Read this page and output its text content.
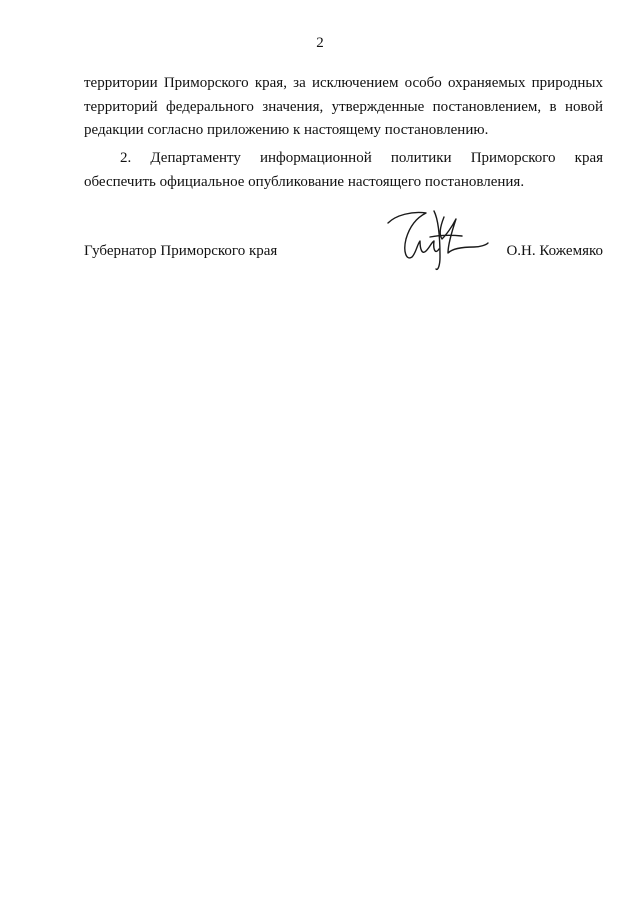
2
территории Приморского края, за исключением особо охраняемых природных
территорий федерального значения, утвержденные постановлением, в новой
редакции согласно приложению к настоящему постановлению.
2. Департаменту информационной политики Приморского края
обеспечить официальное опубликование настоящего постановления.
Губернатор Приморского края	О.Н. Кожемяко
